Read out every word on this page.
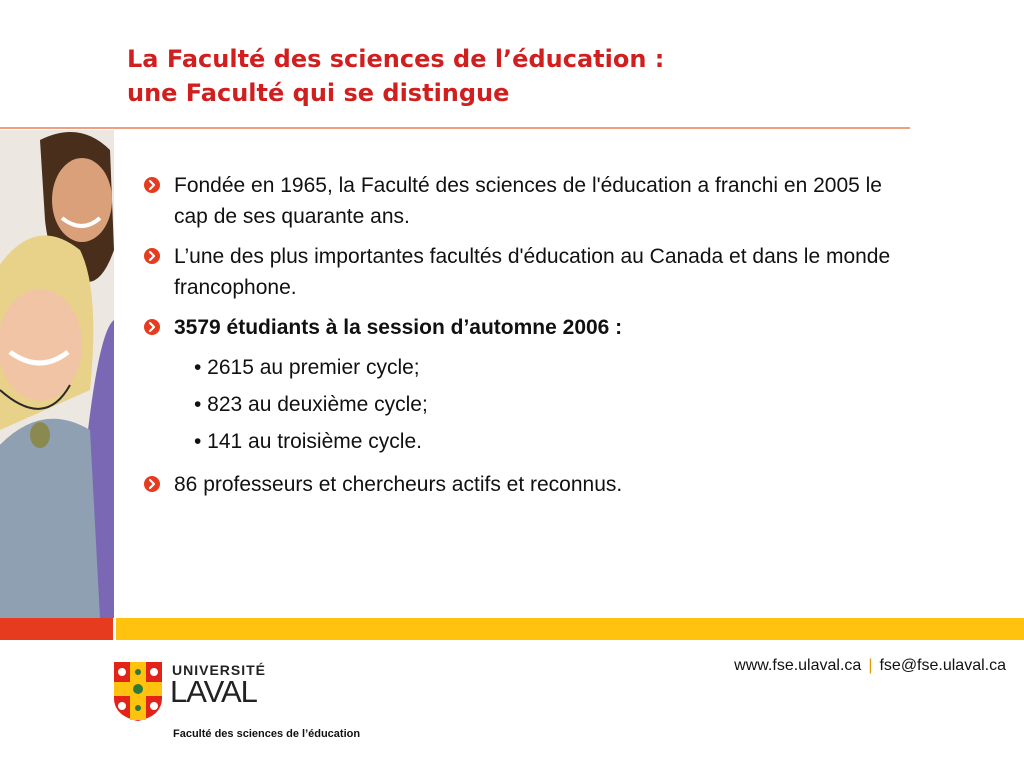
La Faculté des sciences de l’éducation :
une Faculté qui se distingue
Fondée en 1965, la Faculté des sciences de l'éducation a franchi en 2005 le cap de ses quarante ans.
L’une des plus importantes facultés d'éducation au Canada et dans le monde francophone.
3579 étudiants à la session d’automne 2006 :
• 2615 au premier cycle;
• 823 au deuxième cycle;
• 141 au troisième cycle.
86 professeurs et chercheurs actifs et reconnus.
www.fse.ulaval.ca | fse@fse.ulaval.ca
UNIVERSITÉ
LAVAL
Faculté des sciences de l’éducation
